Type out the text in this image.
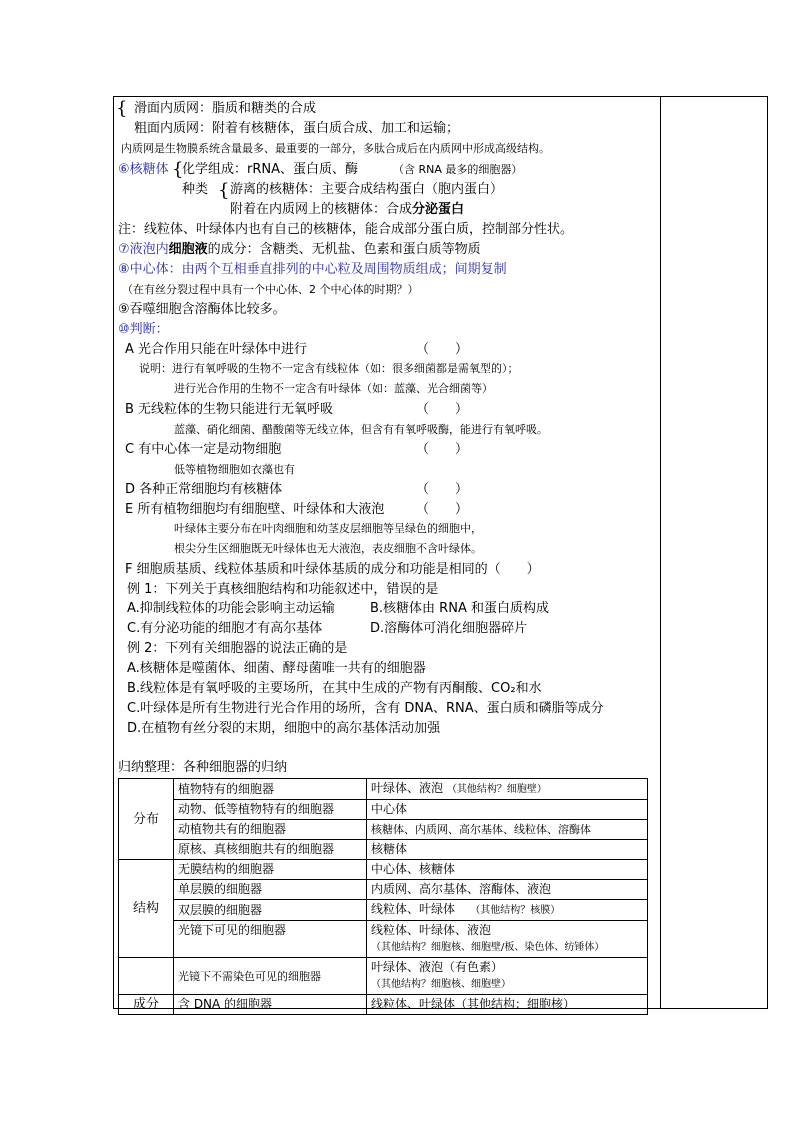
{ 滑面内质网：脂质和糖类的合成
粗面内质网：附着有核糖体，蛋白质合成、加工和运输；
内质网是生物膜系统含量最多、最重要的一部分，多肽合成后在内质网中形成高级结构。
⑥核糖体 {
化学组成：rRNA、蛋白质、酶	（含 RNA 最多的细胞器）
种类 { 游离的核糖体：主要合成结构蛋白（胞内蛋白）
附着在内质网上的核糖体：合成分泌蛋白
注：线粒体、叶绿体内也有自己的核糖体，能合成部分蛋白质，控制部分性状。
⑦液泡内细胞液的成分：含糖类、无机盐、色素和蛋白质等物质
⑧中心体：由两个互相垂直排列的中心粒及周围物质组成；间期复制
（在有丝分裂过程中具有一个中心体、2 个中心体的时期？）
⑨吞噬细胞含溶酶体比较多。
⑩判断：
A 光合作用只能在叶绿体中进行	（　　）
说明：进行有氧呼吸的生物不一定含有线粒体（如：很多细菌都是需氧型的）；
进行光合作用的生物不一定含有叶绿体（如：蓝藻、光合细菌等）
B 无线粒体的生物只能进行无氧呼吸	（　　）
蓝藻、硝化细菌、醋酸菌等无线立体，但含有有氧呼吸酶，能进行有氧呼吸。
C 有中心体一定是动物细胞	（　　）
低等植物细胞如衣藻也有
D 各种正常细胞均有核糖体	（　　）
E 所有植物细胞均有细胞壁、叶绿体和大液泡 （　　）
叶绿体主要分布在叶肉细胞和幼茎皮层细胞等呈绿色的细胞中，
根尖分生区细胞既无叶绿体也无大液泡，表皮细胞不含叶绿体。
F 细胞质基质、线粒体基质和叶绿体基质的成分和功能是相同的（　　）
例 1：下列关于真核细胞结构和功能叙述中，错误的是
A.抑制线粒体的功能会影响主动运输	B.核糖体由 RNA 和蛋白质构成
C.有分泌功能的细胞才有高尔基体	D.溶酶体可消化细胞器碎片
例 2：下列有关细胞器的说法正确的是
A.核糖体是噬菌体、细菌、酵母菌唯一共有的细胞器
B.线粒体是有氧呼吸的主要场所，在其中生成的产物有丙酮酸、CO₂和水
C.叶绿体是所有生物进行光合作用的场所，含有 DNA、RNA、蛋白质和磷脂等成分
D.在植物有丝分裂的末期，细胞中的高尔基体活动加强
归纳整理：各种细胞器的归纳
分布	植物特有的细胞器	叶绿体、液泡 （其他结构？细胞壁）
	动物、低等植物特有的细胞器	中心体
	动植物共有的细胞器	核糖体、内质网、高尔基体、线粒体、溶酶体
	原核、真核细胞共有的细胞器	核糖体
结构	无膜结构的细胞器	中心体、核糖体
	单层膜的细胞器	内质网、高尔基体、溶酶体、液泡
	双层膜的细胞器	线粒体、叶绿体 （其他结构？核膜）
	光镜下可见的细胞器	线粒体、叶绿体、液泡
（其他结构？细胞核、细胞壁/板、染色体、纺锤体）

	光镜下不需染色可见的细胞器	叶绿体、液泡（有色素）
（其他结构？细胞核、细胞壁）

成分	含 DNA 的细胞器	线粒体、叶绿体（其他结构：细胞核）
